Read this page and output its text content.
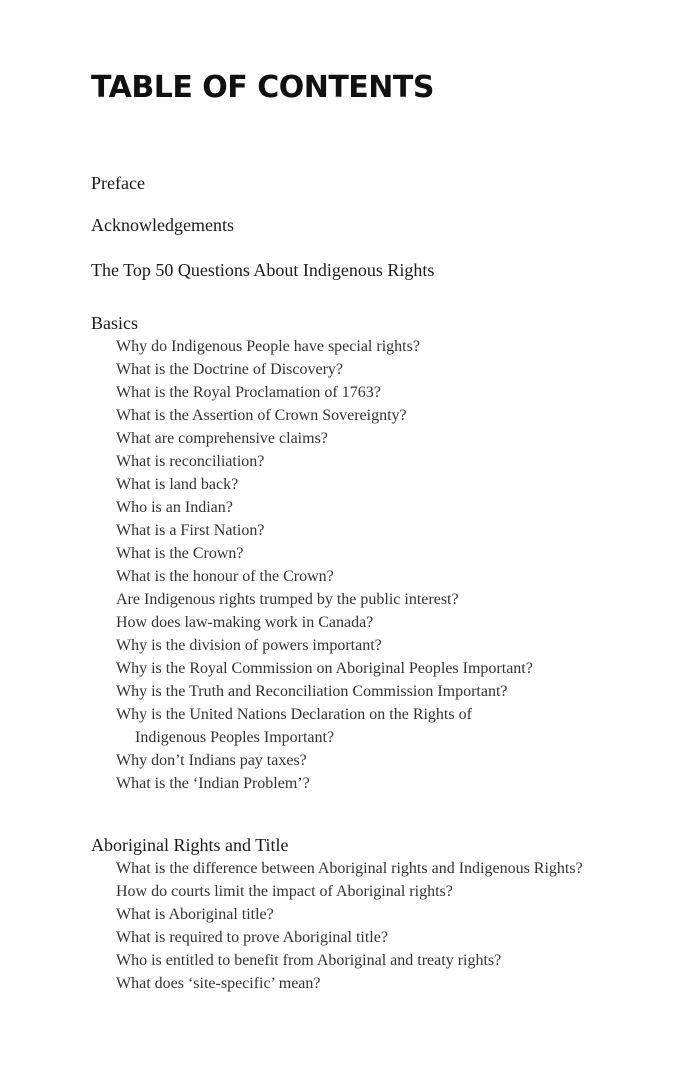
TABLE OF CONTENTS
Preface
Acknowledgements
The Top 50 Questions About Indigenous Rights
Basics
Why do Indigenous People have special rights?
What is the Doctrine of Discovery?
What is the Royal Proclamation of 1763?
What is the Assertion of Crown Sovereignty?
What are comprehensive claims?
What is reconciliation?
What is land back?
Who is an Indian?
What is a First Nation?
What is the Crown?
What is the honour of the Crown?
Are Indigenous rights trumped by the public interest?
How does law-making work in Canada?
Why is the division of powers important?
Why is the Royal Commission on Aboriginal Peoples Important?
Why is the Truth and Reconciliation Commission Important?
Why is the United Nations Declaration on the Rights of
Indigenous Peoples Important?
Why don’t Indians pay taxes?
What is the ‘Indian Problem’?
Aboriginal Rights and Title
What is the difference between Aboriginal rights and Indigenous Rights?
How do courts limit the impact of Aboriginal rights?
What is Aboriginal title?
What is required to prove Aboriginal title?
Who is entitled to benefit from Aboriginal and treaty rights?
What does ‘site-specific’ mean?
